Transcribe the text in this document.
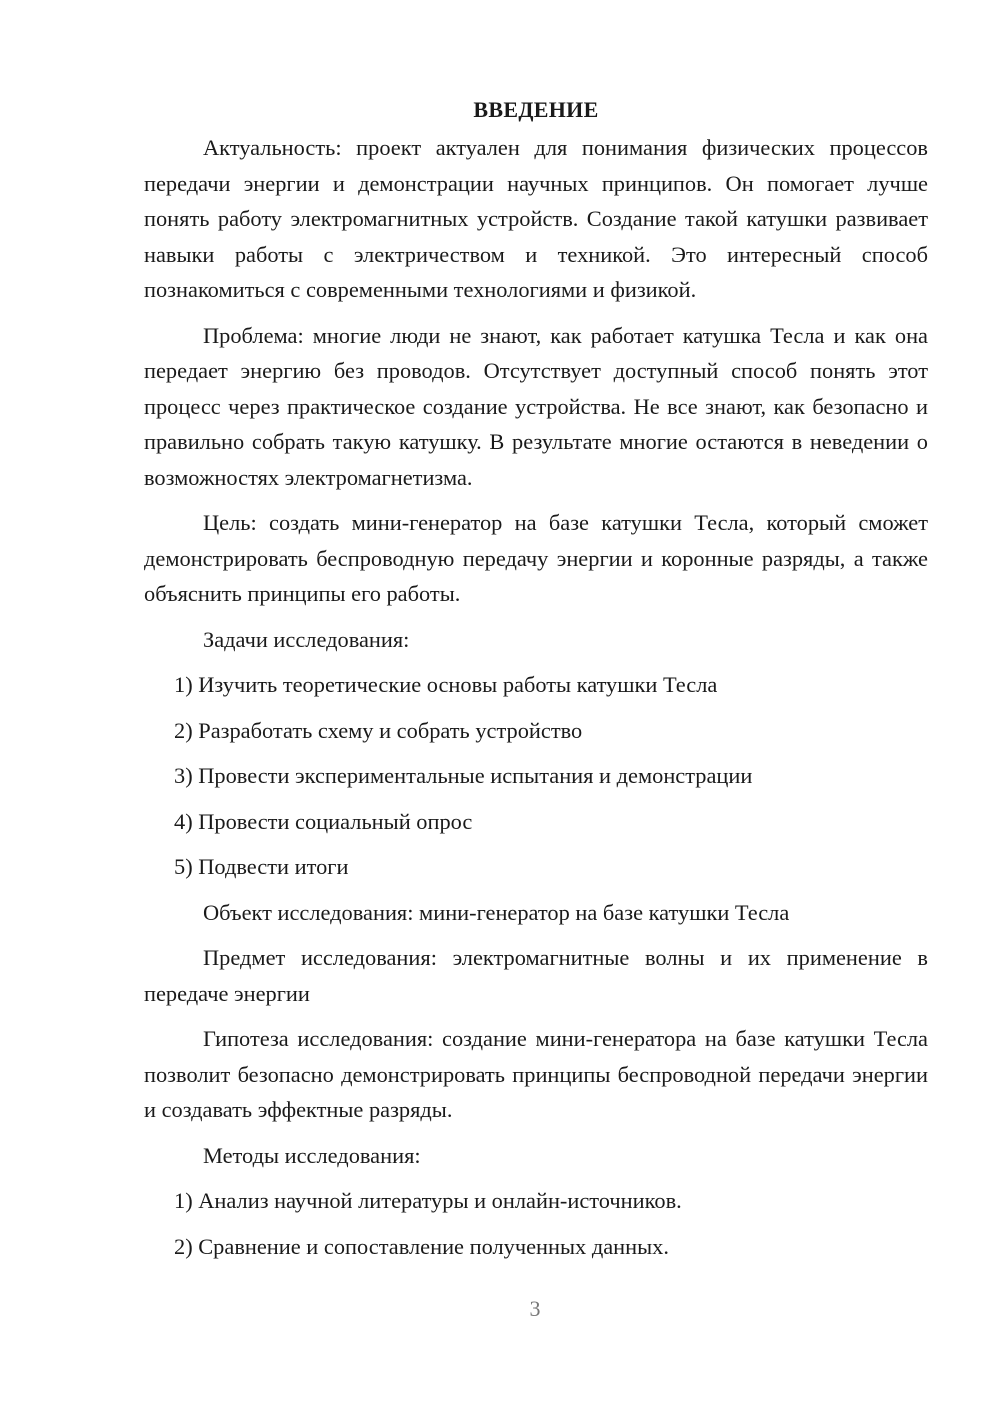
ВВЕДЕНИЕ

Актуальность: проект актуален для понимания физических процессов передачи энергии и демонстрации научных принципов. Он помогает лучше понять работу электромагнитных устройств. Создание такой катушки развивает навыки работы с электричеством и техникой. Это интересный способ познакомиться с современными технологиями и физикой.

Проблема: многие люди не знают, как работает катушка Тесла и как она передает энергию без проводов. Отсутствует доступный способ понять этот процесс через практическое создание устройства. Не все знают, как безопасно и правильно собрать такую катушку. В результате многие остаются в неведении о возможностях электромагнетизма.

Цель: создать мини-генератор на базе катушки Тесла, который сможет демонстрировать беспроводную передачу энергии и коронные разряды, а также объяснить принципы его работы.

Задачи исследования:

1) Изучить теоретические основы работы катушки Тесла
2) Разработать схему и собрать устройство
3) Провести экспериментальные испытания и демонстрации
4) Провести социальный опрос
5) Подвести итоги

Объект исследования: мини-генератор на базе катушки Тесла

Предмет исследования: электромагнитные волны и их применение в передаче энергии

Гипотеза исследования: создание мини-генератора на базе катушки Тесла позволит безопасно демонстрировать принципы беспроводной передачи энергии и создавать эффектные разряды.

Методы исследования:

1) Анализ научной литературы и онлайн-источников.
2) Сравнение и сопоставление полученных данных.
3
